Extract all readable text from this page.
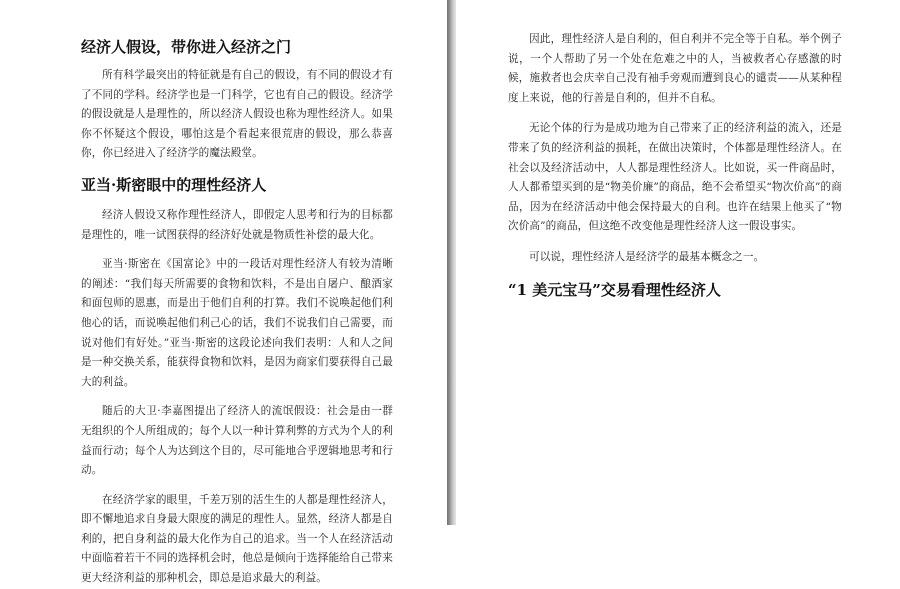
经济人假设，带你进入经济之门

所有科学最突出的特征就是有自己的假设，有不同的假设才有了不同的学科。经济学也是一门科学，它也有自己的假设。经济学的假设就是人是理性的，所以经济人假设也称为理性经济人。如果你不怀疑这个假设，哪怕这是个看起来很荒唐的假设，那么恭喜你，你已经进入了经济学的魔法殿堂。

亚当·斯密眼中的理性经济人

经济人假设又称作理性经济人，即假定人思考和行为的目标都是理性的，唯一试图获得的经济好处就是物质性补偿的最大化。

亚当·斯密在《国富论》中的一段话对理性经济人有较为清晰的阐述：“我们每天所需要的食物和饮料，不是出自屠户、酿酒家和面包师的恩惠，而是出于他们自利的打算。我们不说唤起他们利他心的话，而说唤起他们利己心的话，我们不说我们自己需要，而说对他们有好处。”亚当·斯密的这段论述向我们表明：人和人之间是一种交换关系，能获得食物和饮料，是因为商家们要获得自己最大的利益。

随后的大卫·李嘉图提出了经济人的流氓假设：社会是由一群无组织的个人所组成的；每个人以一种计算利弊的方式为个人的利益而行动；每个人为达到这个目的，尽可能地合乎逻辑地思考和行动。

在经济学家的眼里，千差万别的活生生的人都是理性经济人，即不懈地追求自身最大限度的满足的理性人。显然，经济人都是自利的，把自身利益的最大化作为自己的追求。当一个人在经济活动中面临着若干不同的选择机会时，他总是倾向于选择能给自己带来更大经济利益的那种机会，即总是追求最大的利益。

因此，理性经济人是自利的，但自利并不完全等于自私。举个例子说，一个人帮助了另一个处在危难之中的人，当被救者心存感激的时候，施救者也会庆幸自己没有袖手旁观而遭到良心的谴责——从某种程度上来说，他的行善是自利的，但并不自私。

无论个体的行为是成功地为自己带来了正的经济利益的流入，还是带来了负的经济利益的损耗，在做出决策时，个体都是理性经济人。在社会以及经济活动中，人人都是理性经济人。比如说，买一件商品时，人人都希望买到的是“物美价廉”的商品，绝不会希望买“物次价高”的商品，因为在经济活动中他会保持最大的自利。也许在结果上他买了“物次价高”的商品，但这绝不改变他是理性经济人这一假设事实。

可以说，理性经济人是经济学的最基本概念之一。

“1 美元宝马”交易看理性经济人
